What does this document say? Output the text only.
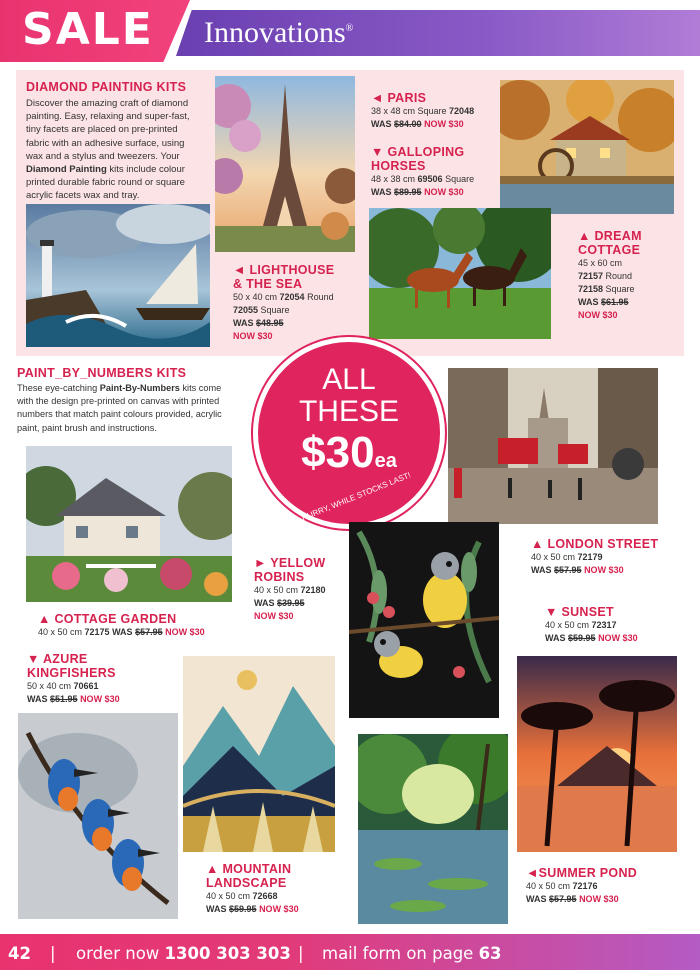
SALE Innovations®
DIAMOND PAINTING KITS
Discover the amazing craft of diamond
painting. Easy, relaxing and super-fast,
tiny facets are placed on pre-printed
fabric with an adhesive surface, using
wax and a stylus and tweezers. Your
Diamond Painting kits include colour
printed durable fabric round or square
acrylic facets wax and tray.
◄ PARIS
38 x 48 cm Square 72048
WAS $84.00 NOW $30
▼ GALLOPING
HORSES
48 x 38 cm 69506 Square
WAS $89.95 NOW $30
◄ LIGHTHOUSE
& THE SEA
50 x 40 cm 72054 Round
72055 Square
WAS $48.95
NOW $30
▲ DREAM
COTTAGE
45 x 60 cm
72157 Round
72158 Square
WAS $61.95
NOW $30
PAINT_BY_NUMBERS KITS
These eye-catching Paint-By-Numbers kits come
with the design pre-printed on canvas with printed
numbers that match paint colours provided, acrylic
paint, paint brush and instructions.
ALL
THESE
$30ea
HURRY, WHILE STOCKS LAST!
► YELLOW
ROBINS
40 x 50 cm 72180
WAS $39.95
NOW $30
▲ LONDON STREET
40 x 50 cm 72179
WAS $57.95 NOW $30
▼ SUNSET
40 x 50 cm 72317
WAS $59.95 NOW $30
▲ COTTAGE GARDEN
40 x 50 cm 72175 WAS $57.95 NOW $30
▼ AZURE
KINGFISHERS
50 x 40 cm 70661
WAS $51.95 NOW $30
▲ MOUNTAIN
LANDSCAPE
40 x 50 cm 72668
WAS $59.95 NOW $30
◄SUMMER POND
40 x 50 cm 72176
WAS $57.95 NOW $30
42 | order now 1300 303 303 | mail form on page 63
